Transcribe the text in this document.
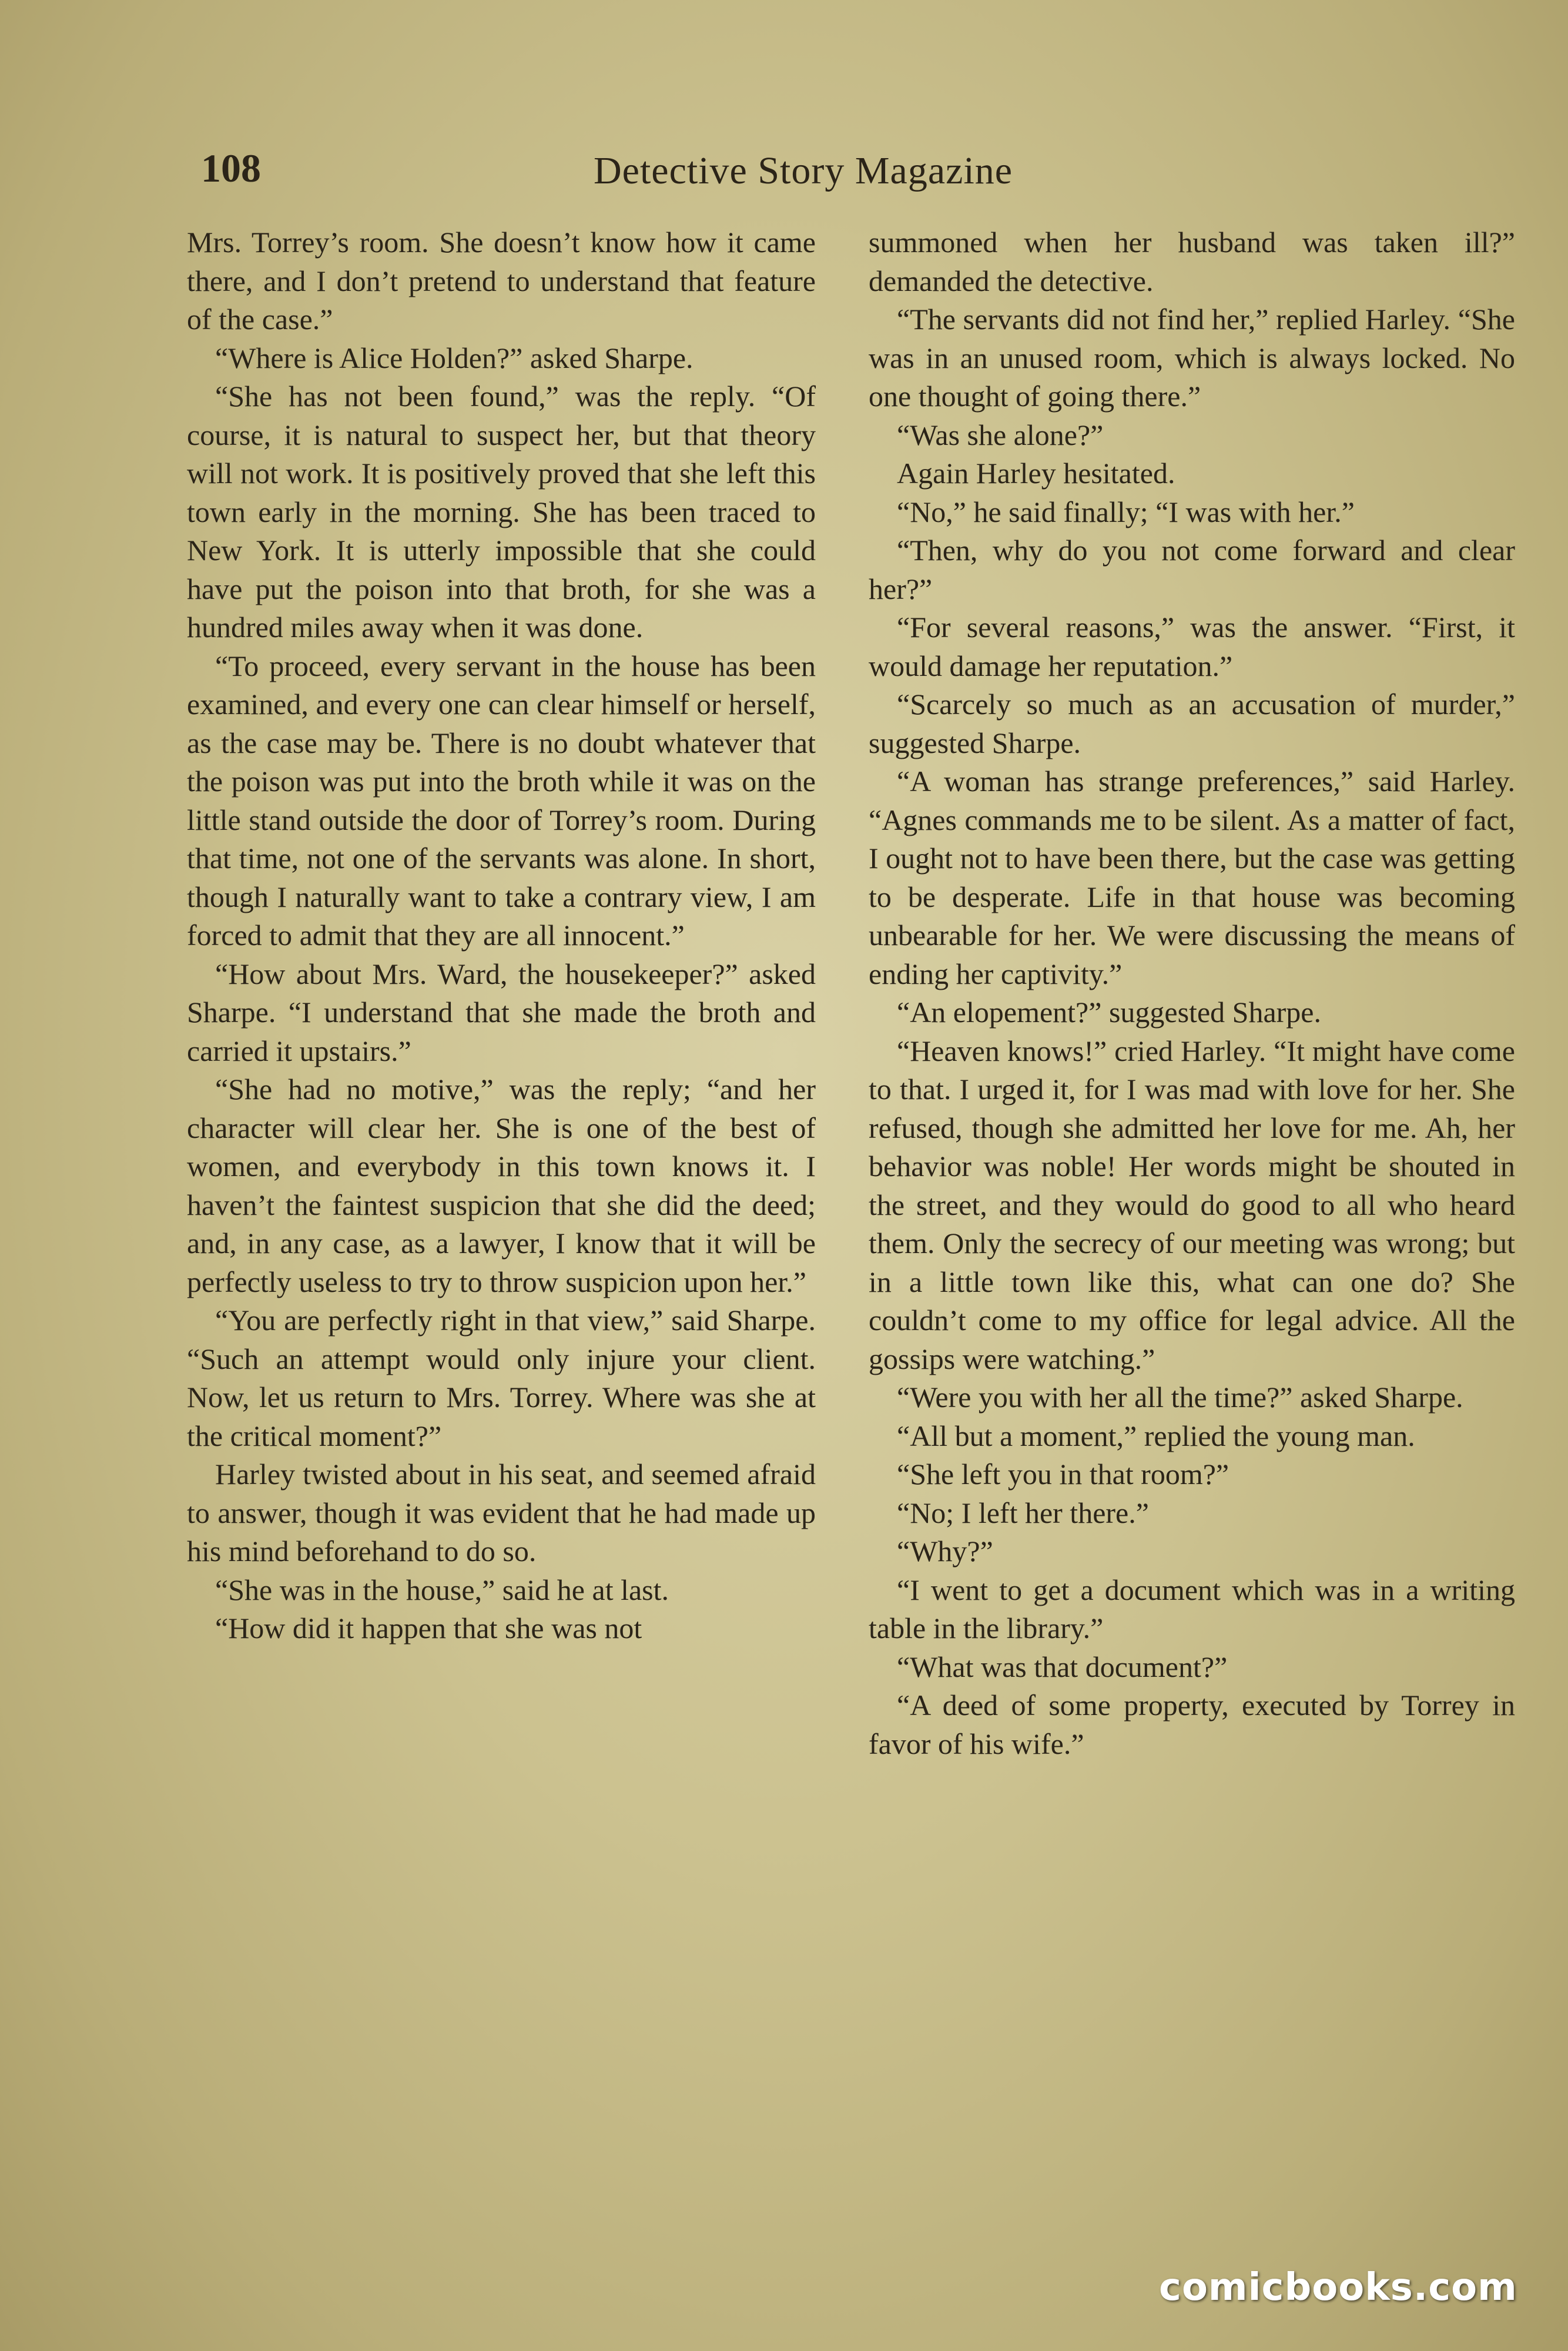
108	Detective Story Magazine

Mrs. Torrey’s room. She doesn’t know how it came there, and I don’t pretend to understand that feature of the case.”

“Where is Alice Holden?” asked Sharpe.

“She has not been found,” was the reply. “Of course, it is natural to suspect her, but that theory will not work. It is positively proved that she left this town early in the morning. She has been traced to New York. It is utterly impossible that she could have put the poison into that broth, for she was a hundred miles away when it was done.

“To proceed, every servant in the house has been examined, and every one can clear himself or herself, as the case may be. There is no doubt whatever that the poison was put into the broth while it was on the little stand outside the door of Torrey’s room. During that time, not one of the servants was alone. In short, though I naturally want to take a contrary view, I am forced to admit that they are all innocent.”

“How about Mrs. Ward, the housekeeper?” asked Sharpe. “I understand that she made the broth and carried it upstairs.”

“She had no motive,” was the reply; “and her character will clear her. She is one of the best of women, and everybody in this town knows it. I haven’t the faintest suspicion that she did the deed; and, in any case, as a lawyer, I know that it will be perfectly useless to try to throw suspicion upon her.”

“You are perfectly right in that view,” said Sharpe. “Such an attempt would only injure your client. Now, let us return to Mrs. Torrey. Where was she at the critical moment?”

Harley twisted about in his seat, and seemed afraid to answer, though it was evident that he had made up his mind beforehand to do so.

“She was in the house,” said he at last.

“How did it happen that she was not

summoned when her husband was taken ill?” demanded the detective.

“The servants did not find her,” replied Harley. “She was in an unused room, which is always locked. No one thought of going there.”

“Was she alone?”

Again Harley hesitated.

“No,” he said finally; “I was with her.”

“Then, why do you not come forward and clear her?”

“For several reasons,” was the answer. “First, it would damage her reputation.”

“Scarcely so much as an accusation of murder,” suggested Sharpe.

“A woman has strange preferences,” said Harley. “Agnes commands me to be silent. As a matter of fact, I ought not to have been there, but the case was getting to be desperate. Life in that house was becoming unbearable for her. We were discussing the means of ending her captivity.”

“An elopement?” suggested Sharpe.

“Heaven knows!” cried Harley. “It might have come to that. I urged it, for I was mad with love for her. She refused, though she admitted her love for me. Ah, her behavior was noble! Her words might be shouted in the street, and they would do good to all who heard them. Only the secrecy of our meeting was wrong; but in a little town like this, what can one do? She couldn’t come to my office for legal advice. All the gossips were watching.”

“Were you with her all the time?” asked Sharpe.

“All but a moment,” replied the young man.

“She left you in that room?”

“No; I left her there.”

“Why?”

“I went to get a document which was in a writing table in the library.”

“What was that document?”

“A deed of some property, executed by Torrey in favor of his wife.”

comicbooks.com
